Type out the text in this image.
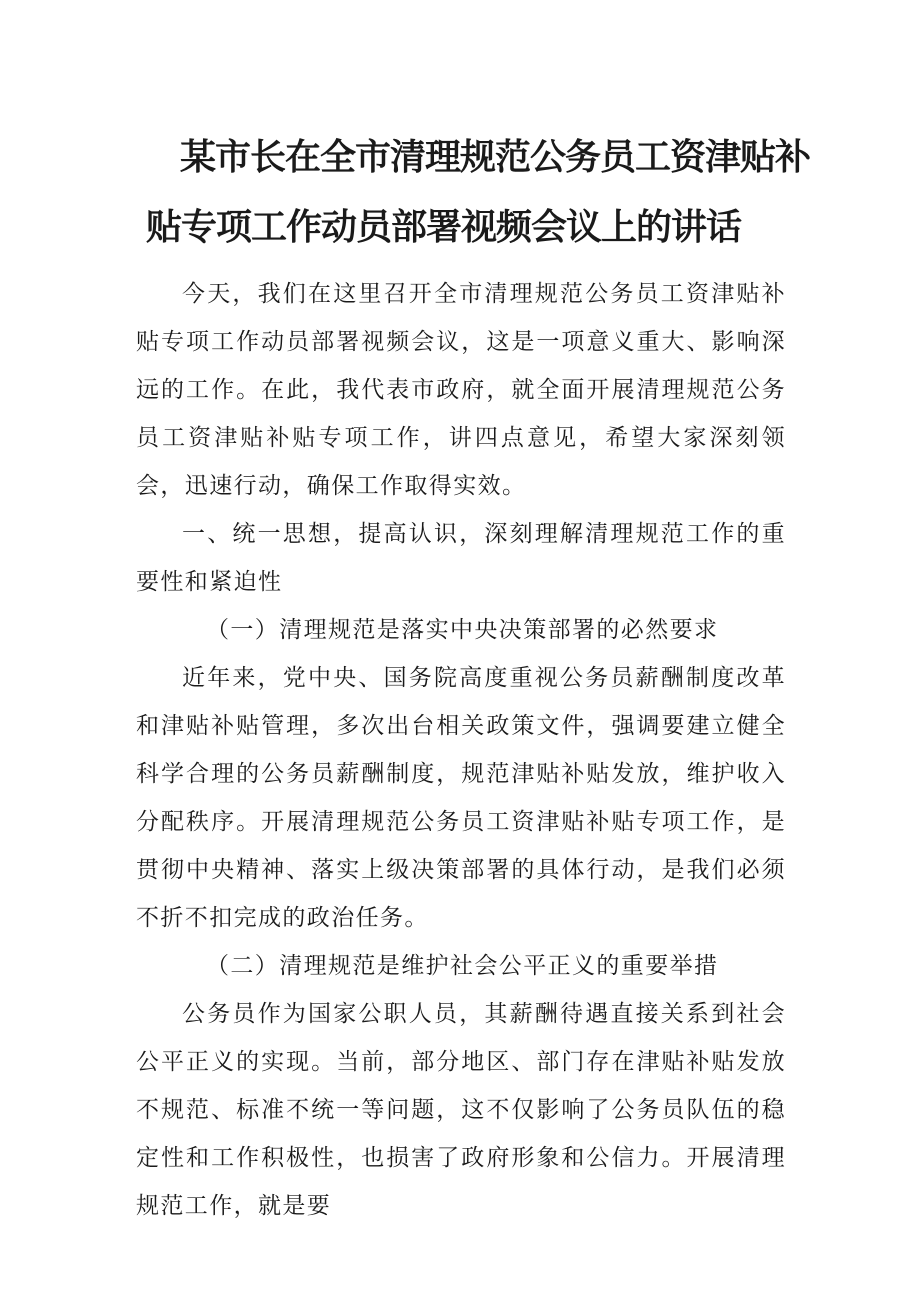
某市长在全市清理规范公务员工资津贴补
贴专项工作动员部署视频会议上的讲话

今天，我们在这里召开全市清理规范公务员工资津贴补贴专项工作动员部署视频会议，这是一项意义重大、影响深远的工作。在此，我代表市政府，就全面开展清理规范公务员工资津贴补贴专项工作，讲四点意见，希望大家深刻领会，迅速行动，确保工作取得实效。

一、统一思想，提高认识，深刻理解清理规范工作的重要性和紧迫性

（一）清理规范是落实中央决策部署的必然要求

近年来，党中央、国务院高度重视公务员薪酬制度改革和津贴补贴管理，多次出台相关政策文件，强调要建立健全科学合理的公务员薪酬制度，规范津贴补贴发放，维护收入分配秩序。开展清理规范公务员工资津贴补贴专项工作，是贯彻中央精神、落实上级决策部署的具体行动，是我们必须不折不扣完成的政治任务。

（二）清理规范是维护社会公平正义的重要举措

公务员作为国家公职人员，其薪酬待遇直接关系到社会公平正义的实现。当前，部分地区、部门存在津贴补贴发放不规范、标准不统一等问题，这不仅影响了公务员队伍的稳定性和工作积极性，也损害了政府形象和公信力。开展清理规范工作，就是要
